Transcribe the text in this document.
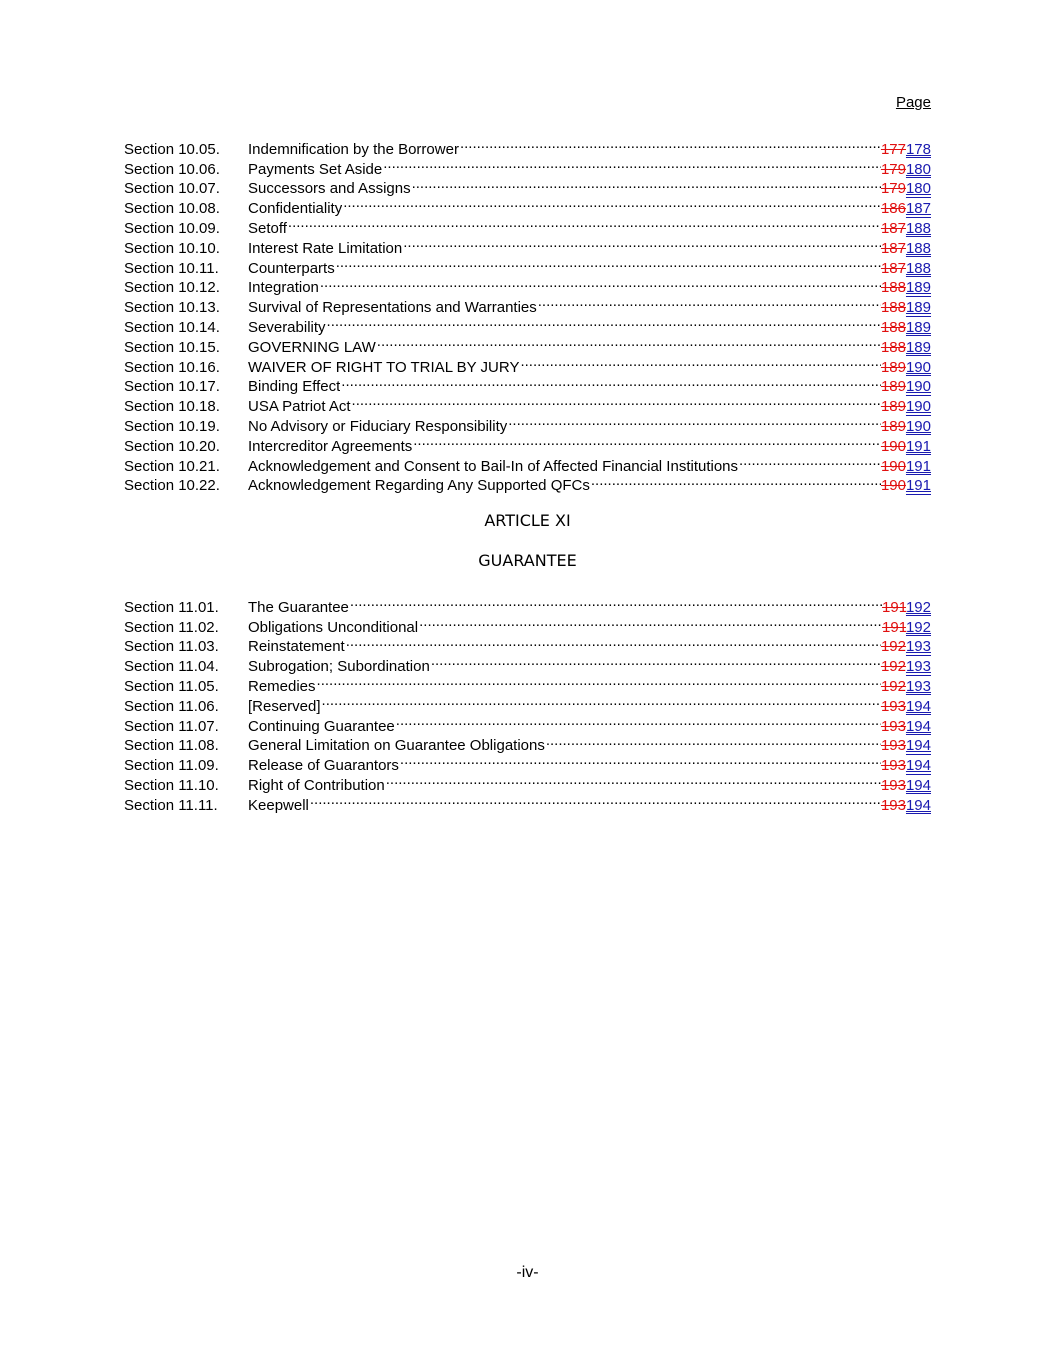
Page
Section 10.05.	Indemnification by the Borrower .....	177178
Section 10.06.	Payments Set Aside .....	179180
Section 10.07.	Successors and Assigns .....	179180
Section 10.08.	Confidentiality .....	186187
Section 10.09.	Setoff .....	187188
Section 10.10.	Interest Rate Limitation .....	187188
Section 10.11.	Counterparts .....	187188
Section 10.12.	Integration .....	188189
Section 10.13.	Survival of Representations and Warranties .....	188189
Section 10.14.	Severability .....	188189
Section 10.15.	GOVERNING LAW .....	188189
Section 10.16.	WAIVER OF RIGHT TO TRIAL BY JURY .....	189190
Section 10.17.	Binding Effect .....	189190
Section 10.18.	USA Patriot Act .....	189190
Section 10.19.	No Advisory or Fiduciary Responsibility .....	189190
Section 10.20.	Intercreditor Agreements .....	190191
Section 10.21.	Acknowledgement and Consent to Bail-In of Affected Financial Institutions .....	190191
Section 10.22.	Acknowledgement Regarding Any Supported QFCs .....	190191
ARTICLE XI
GUARANTEE
Section 11.01.	The Guarantee .....	191192
Section 11.02.	Obligations Unconditional .....	191192
Section 11.03.	Reinstatement .....	192193
Section 11.04.	Subrogation; Subordination .....	192193
Section 11.05.	Remedies .....	192193
Section 11.06.	[Reserved] .....	193194
Section 11.07.	Continuing Guarantee .....	193194
Section 11.08.	General Limitation on Guarantee Obligations .....	193194
Section 11.09.	Release of Guarantors .....	193194
Section 11.10.	Right of Contribution .....	193194
Section 11.11.	Keepwell .....	193194
-iv-
